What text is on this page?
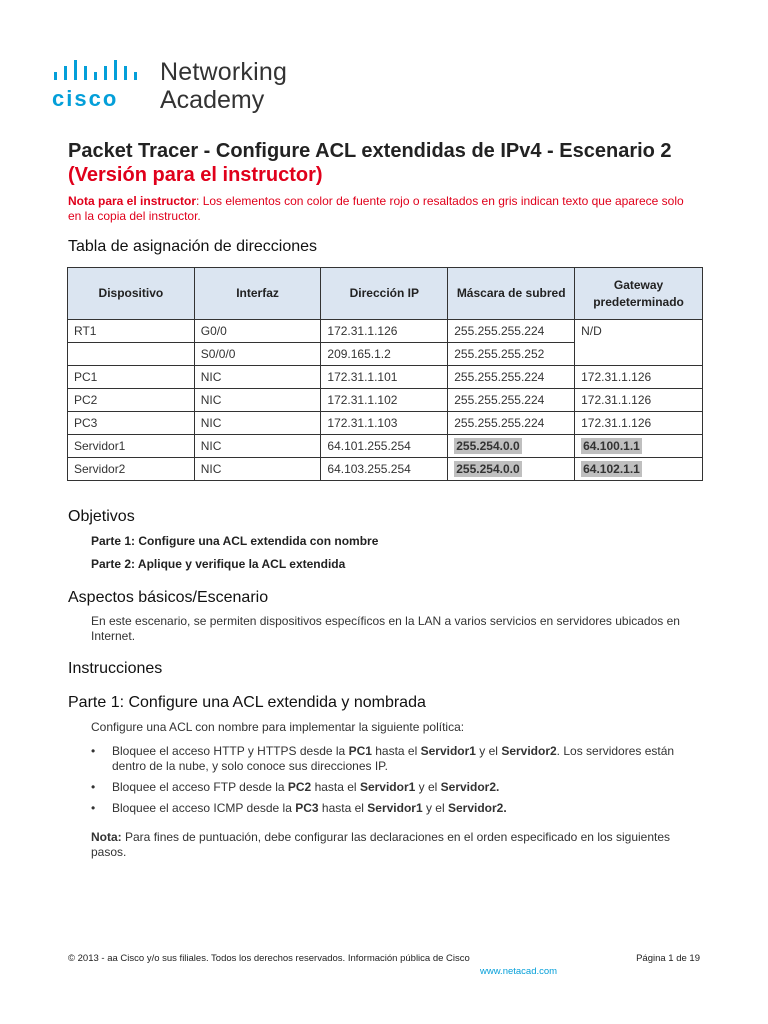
cisco
Networking
Academy
Packet Tracer - Configure ACL extendidas de IPv4 - Escenario 2
(Versión para el instructor)
Nota para el instructor: Los elementos con color de fuente rojo o resaltados en gris indican texto que aparece solo en la copia del instructor.
Tabla de asignación de direcciones
Dispositivo	Interfaz	Dirección IP	Máscara de subred	Gateway predeterminado
RT1	G0/0	172.31.1.126	255.255.255.224	N/D
	S0/0/0	209.165.1.2	255.255.255.252	
PC1	NIC	172.31.1.101	255.255.255.224	172.31.1.126
PC2	NIC	172.31.1.102	255.255.255.224	172.31.1.126
PC3	NIC	172.31.1.103	255.255.255.224	172.31.1.126
Servidor1	NIC	64.101.255.254	255.254.0.0	64.100.1.1
Servidor2	NIC	64.103.255.254	255.254.0.0	64.102.1.1
Objetivos
Parte 1: Configure una ACL extendida con nombre
Parte 2: Aplique y verifique la ACL extendida
Aspectos básicos/Escenario
En este escenario, se permiten dispositivos específicos en la LAN a varios servicios en servidores ubicados en Internet.
Instrucciones
Parte 1: Configure una ACL extendida y nombrada
Configure una ACL con nombre para implementar la siguiente política:
• Bloquee el acceso HTTP y HTTPS desde la PC1 hasta el Servidor1 y el Servidor2. Los servidores están dentro de la nube, y solo conoce sus direcciones IP.
• Bloquee el acceso FTP desde la PC2 hasta el Servidor1 y el Servidor2.
• Bloquee el acceso ICMP desde la PC3 hasta el Servidor1 y el Servidor2.
Nota: Para fines de puntuación, debe configurar las declaraciones en el orden especificado en los siguientes pasos.
© 2013 - aa Cisco y/o sus filiales. Todos los derechos reservados. Información pública de Cisco	Página 1 de 19
www.netacad.com
